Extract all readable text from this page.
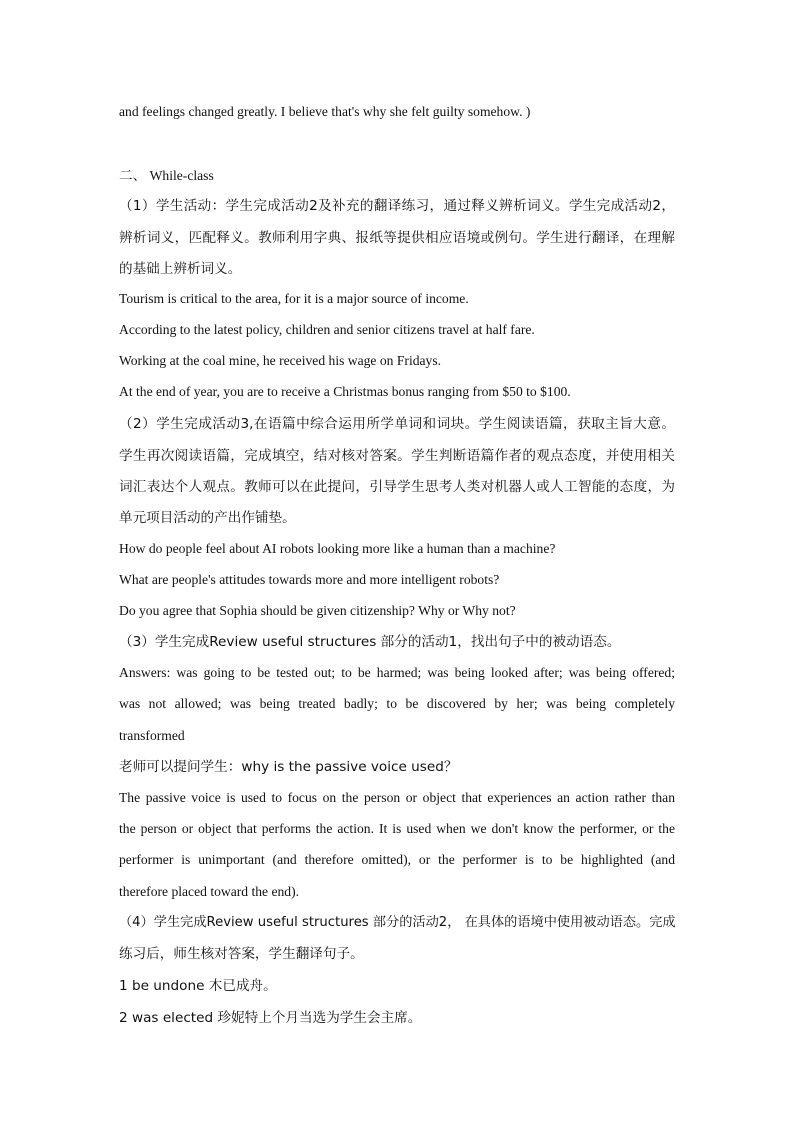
and feelings changed greatly. I believe that's why she felt guilty somehow. )
二、 While-class
（1）学生活动：学生完成活动2及补充的翻译练习，通过释义辨析词义。学生完成活动2，
辨析词义，匹配释义。教师利用字典、报纸等提供相应语境或例句。学生进行翻译，在理解
的基础上辨析词义。
Tourism is critical to the area, for it is a major source of income.
According to the latest policy, children and senior citizens travel at half fare.
Working at the coal mine, he received his wage on Fridays.
At the end of year, you are to receive a Christmas bonus ranging from $50 to $100.
（2）学生完成活动3,在语篇中综合运用所学单词和词块。学生阅读语篇，获取主旨大意。
学生再次阅读语篇，完成填空，结对核对答案。学生判断语篇作者的观点态度，并使用相关
词汇表达个人观点。教师可以在此提问，引导学生思考人类对机器人或人工智能的态度，为
单元项目活动的产出作铺垫。
How do people feel about AI robots looking more like a human than a machine?
What are people's attitudes towards more and more intelligent robots?
Do you agree that Sophia should be given citizenship? Why or Why not?
（3）学生完成Review useful structures 部分的活动1，找出句子中的被动语态。
Answers: was going to be tested out; to be harmed; was being looked after; was being offered;
was not allowed; was being treated badly; to be discovered by her; was being completely
transformed
老师可以提问学生：why is the passive voice used？
The passive voice is used to focus on the person or object that experiences an action rather than
the person or object that performs the action. It is used when we don't know the performer, or the
performer is unimportant (and therefore omitted), or the performer is to be highlighted (and
therefore placed toward the end).
（4）学生完成Review useful structures 部分的活动2， 在具体的语境中使用被动语态。完成
练习后，师生核对答案，学生翻译句子。
1 be undone 木已成舟。
2 was elected 珍妮特上个月当选为学生会主席。
